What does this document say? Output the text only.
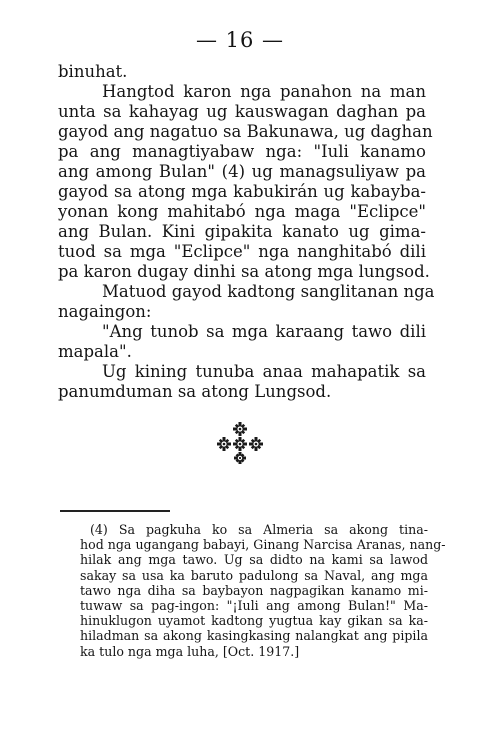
— 16 —
binuhat.
Hangtod karon nga panahon na man
unta sa kahayag ug kauswagan daghan pa
gayod ang nagatuo sa Bakunawa, ug daghan
pa ang managtiyabaw nga: "Iuli kanamo
ang among Bulan" (4) ug managsuliyaw pa
gayod sa atong mga kabukirán ug kabayba-
yonan kong mahitabó nga maga "Eclipce"
ang Bulan. Kini gipakita kanato ug gima-
tuod sa mga "Eclipce" nga nanghitabó dili
pa karon dugay dinhi sa atong mga lungsod.
Matuod gayod kadtong sanglitanan nga
nagaingon:
"Ang tunob sa mga karaang tawo dili
mapala".
Ug kining tunuba anaa mahapatik sa
panumduman sa atong Lungsod.
(4) Sa pagkuha ko sa Almeria sa akong tina-
hod nga ugangang babayi, Ginang Narcisa Aranas, nang-
hilak ang mga tawo. Ug sa didto na kami sa lawod
sakay sa usa ka baruto padulong sa Naval, ang mga
tawo nga diha sa baybayon nagpagikan kanamo mi-
tuwaw sa pag-ingon: "¡Iuli ang among Bulan!" Ma-
hinuklugon uyamot kadtong yugtua kay gikan sa ka-
hiladman sa akong kasingkasing nalangkat ang pipila
ka tulo nga mga luha, [Oct. 1917.]
